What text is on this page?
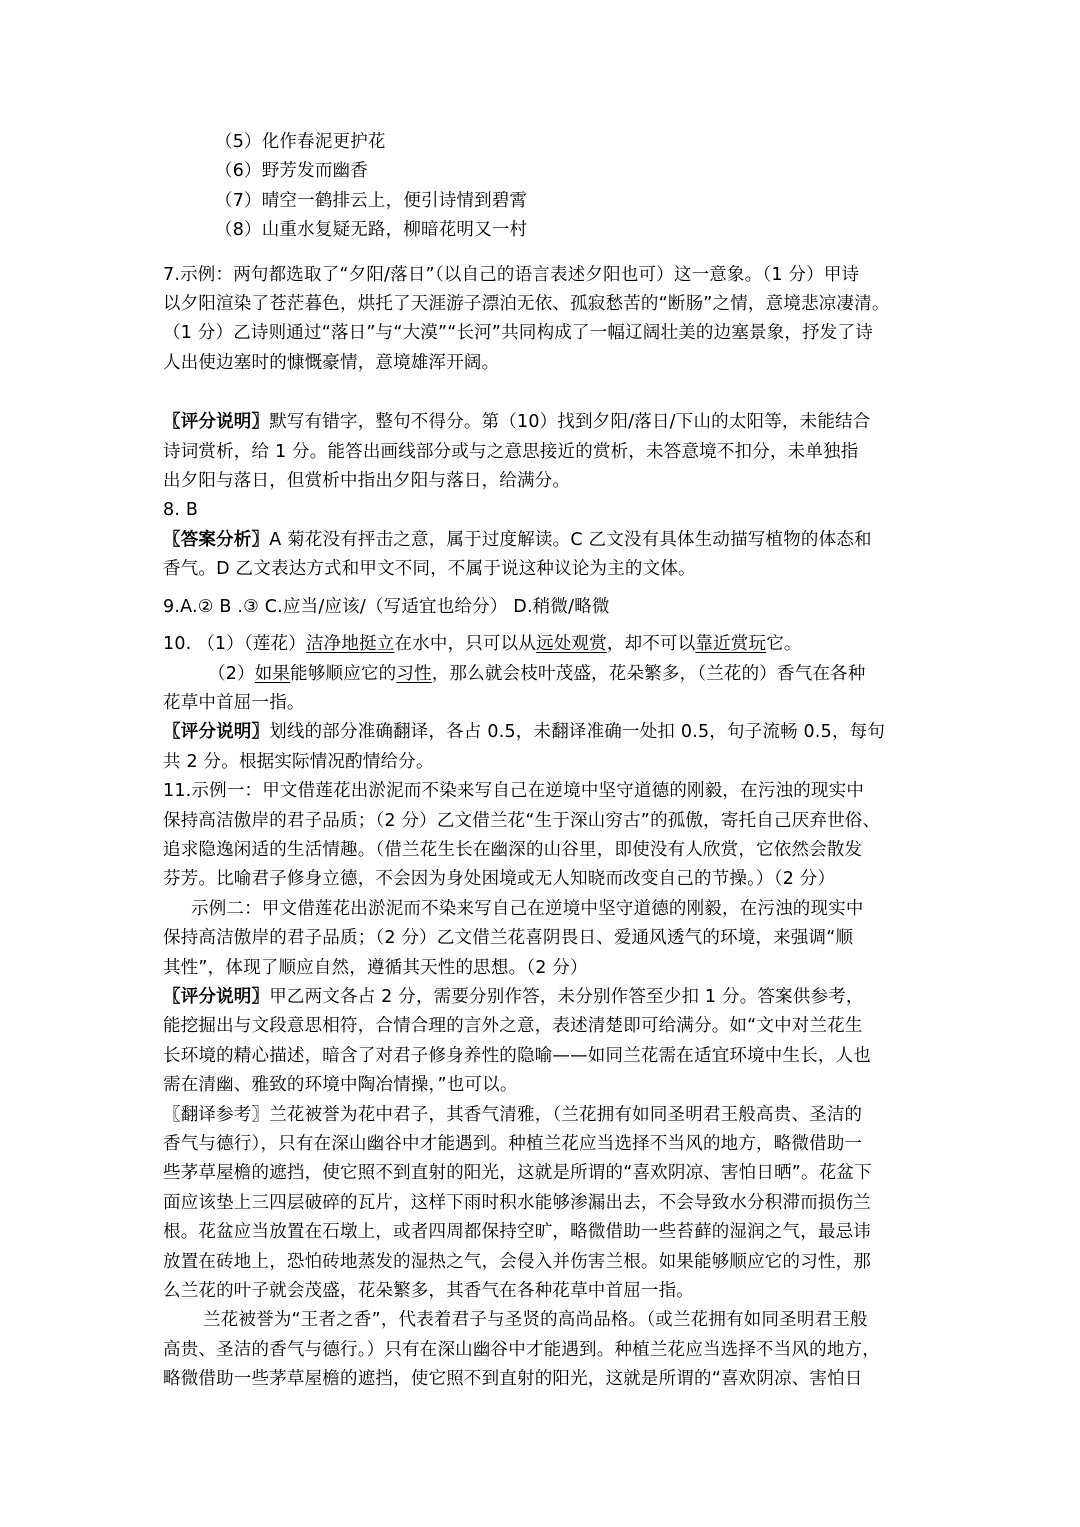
（5）化作春泥更护花
（6）野芳发而幽香
（7）晴空一鹤排云上，便引诗情到碧霄
（8）山重水复疑无路，柳暗花明又一村
7.示例：两句都选取了“夕阳/落日”（以自己的语言表述夕阳也可）这一意象。（1 分）甲诗
以夕阳渲染了苍茫暮色，烘托了天涯游子漂泊无依、孤寂愁苦的“断肠”之情，意境悲凉凄清。
（1 分）乙诗则通过“落日”与“大漠”“长河”共同构成了一幅辽阔壮美的边塞景象，抒发了诗
人出使边塞时的慷慨豪情，意境雄浑开阔。
〖评分说明〗默写有错字，整句不得分。第（10）找到夕阳/落日/下山的太阳等，未能结合
诗词赏析，给 1 分。能答出画线部分或与之意思接近的赏析，未答意境不扣分，未单独指
出夕阳与落日，但赏析中指出夕阳与落日，给满分。
8. B
〖答案分析〗A 菊花没有抨击之意，属于过度解读。C 乙文没有具体生动描写植物的体态和
香气。D 乙文表达方式和甲文不同，不属于说这种议论为主的文体。
9.A.② B .③ C.应当/应该/（写适宜也给分） D.稍微/略微
10. （1）（莲花）洁净地挺立在水中，只可以从远处观赏，却不可以靠近赏玩它。
（2）如果能够顺应它的习性，那么就会枝叶茂盛，花朵繁多，（兰花的）香气在各种
花草中首屈一指。
〖评分说明〗划线的部分准确翻译，各占 0.5，未翻译准确一处扣 0.5，句子流畅 0.5，每句
共 2 分。根据实际情况酌情给分。
11.示例一：甲文借莲花出淤泥而不染来写自己在逆境中坚守道德的刚毅，在污浊的现实中
保持高洁傲岸的君子品质；（2 分）乙文借兰花“生于深山穷古”的孤傲，寄托自己厌弃世俗、
追求隐逸闲适的生活情趣。（借兰花生长在幽深的山谷里，即使没有人欣赏，它依然会散发
芬芳。比喻君子修身立德，不会因为身处困境或无人知晓而改变自己的节操。）（2 分）
示例二：甲文借莲花出淤泥而不染来写自己在逆境中坚守道德的刚毅，在污浊的现实中
保持高洁傲岸的君子品质；（2 分）乙文借兰花喜阴畏日、爱通风透气的环境，来强调“顺
其性”，体现了顺应自然，遵循其天性的思想。（2 分）
〖评分说明〗甲乙两文各占 2 分，需要分别作答，未分别作答至少扣 1 分。答案供参考，
能挖掘出与文段意思相符，合情合理的言外之意，表述清楚即可给满分。如“文中对兰花生
长环境的精心描述，暗含了对君子修身养性的隐喻——如同兰花需在适宜环境中生长，人也
需在清幽、雅致的环境中陶冶情操，”也可以。
〖翻译参考〗兰花被誉为花中君子，其香气清雅，（兰花拥有如同圣明君王般高贵、圣洁的
香气与德行），只有在深山幽谷中才能遇到。种植兰花应当选择不当风的地方，略微借助一
些茅草屋檐的遮挡，使它照不到直射的阳光，这就是所谓的“喜欢阴凉、害怕日晒”。花盆下
面应该垫上三四层破碎的瓦片，这样下雨时积水能够渗漏出去，不会导致水分积滞而损伤兰
根。花盆应当放置在石墩上，或者四周都保持空旷，略微借助一些苔藓的湿润之气，最忌讳
放置在砖地上，恐怕砖地蒸发的湿热之气，会侵入并伤害兰根。如果能够顺应它的习性，那
么兰花的叶子就会茂盛，花朵繁多，其香气在各种花草中首屈一指。
兰花被誉为“王者之香”，代表着君子与圣贤的高尚品格。（或兰花拥有如同圣明君王般
高贵、圣洁的香气与德行。）只有在深山幽谷中才能遇到。种植兰花应当选择不当风的地方，
略微借助一些茅草屋檐的遮挡，使它照不到直射的阳光，这就是所谓的“喜欢阴凉、害怕日
